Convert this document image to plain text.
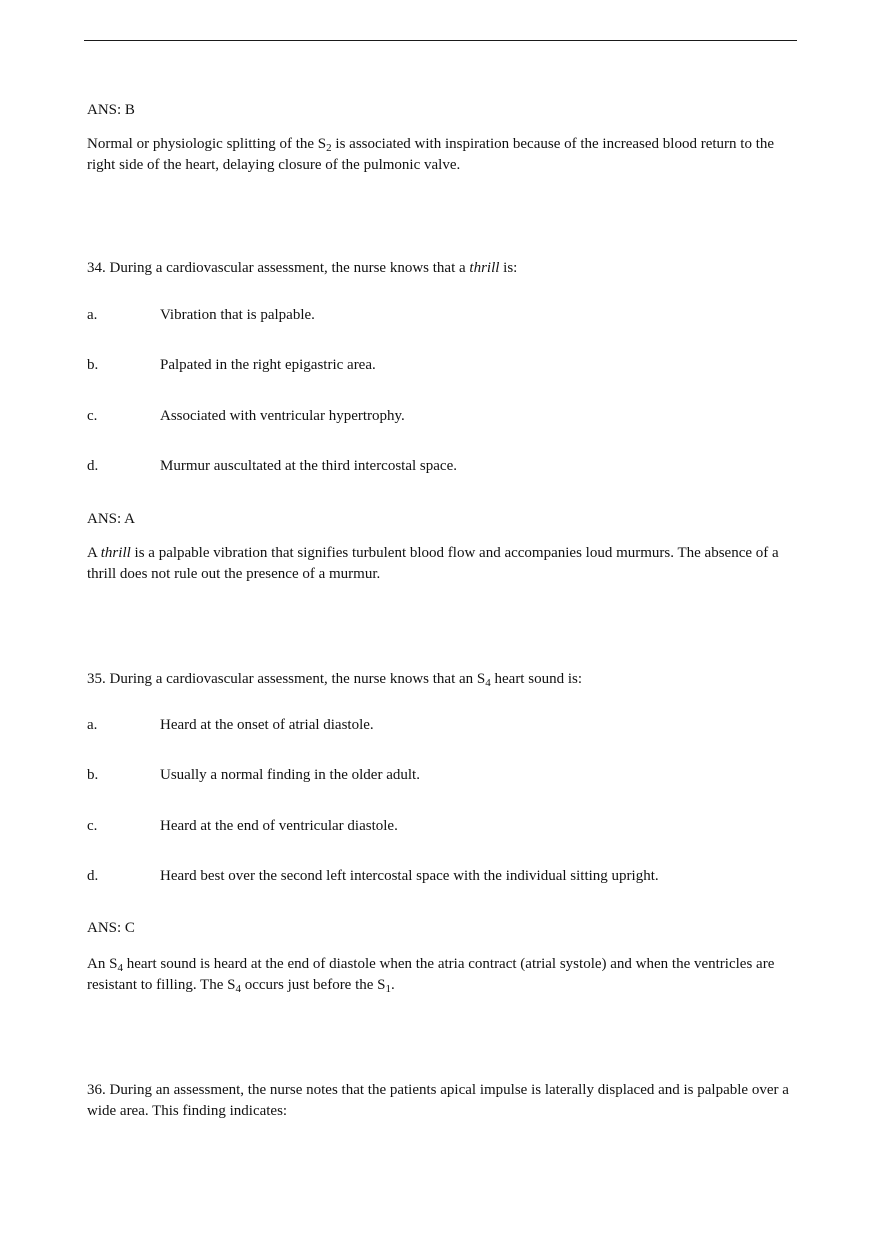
ANS: B
Normal or physiologic splitting of the $S_2$ is associated with inspiration because of the increased blood return to the right side of the heart, delaying closure of the pulmonic valve.
34. During a cardiovascular assessment, the nurse knows that a thrill is:
a.	Vibration that is palpable.
b.	Palpated in the right epigastric area.
c.	Associated with ventricular hypertrophy.
d.	Murmur auscultated at the third intercostal space.
ANS: A
A thrill is a palpable vibration that signifies turbulent blood flow and accompanies loud murmurs. The absence of a thrill does not rule out the presence of a murmur.
35. During a cardiovascular assessment, the nurse knows that an $S_4$ heart sound is:
a.	Heard at the onset of atrial diastole.
b.	Usually a normal finding in the older adult.
c.	Heard at the end of ventricular diastole.
d.	Heard best over the second left intercostal space with the individual sitting upright.
ANS: C
An $S_4$ heart sound is heard at the end of diastole when the atria contract (atrial systole) and when the ventricles are resistant to filling. The $S_4$ occurs just before the $S_1$.
36. During an assessment, the nurse notes that the patients apical impulse is laterally displaced and is palpable over a wide area. This finding indicates:
